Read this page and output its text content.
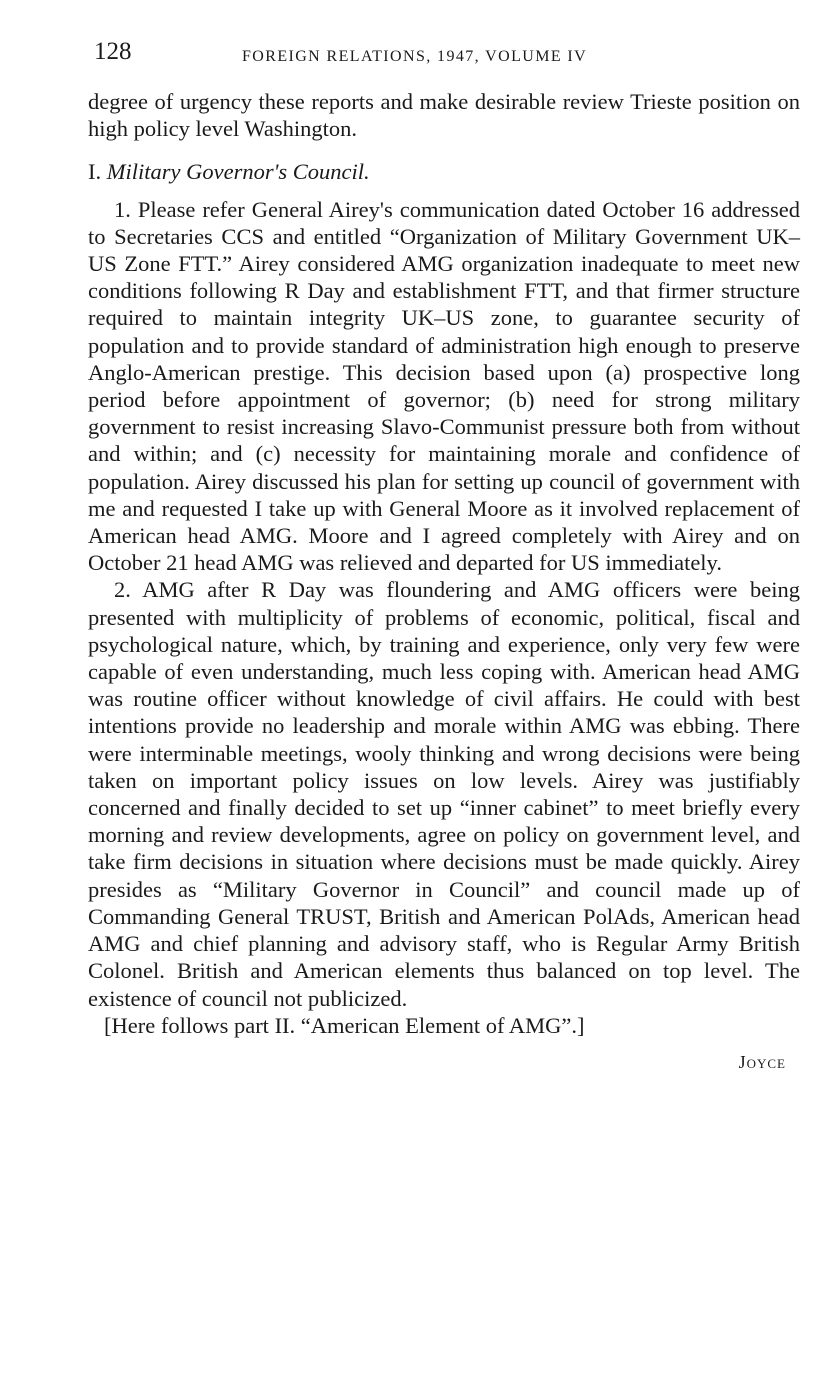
128	FOREIGN RELATIONS, 1947, VOLUME IV

degree of urgency these reports and make desirable review Trieste position on high policy level Washington.

I. Military Governor's Council.

1. Please refer General Airey's communication dated October 16 addressed to Secretaries CCS and entitled “Organization of Military Government UK–US Zone FTT.” Airey considered AMG organization inadequate to meet new conditions following R Day and establishment FTT, and that firmer structure required to maintain integrity UK–US zone, to guarantee security of population and to provide standard of administration high enough to preserve Anglo-American prestige. This decision based upon (a) prospective long period before appointment of governor; (b) need for strong military government to resist increasing Slavo-Communist pressure both from without and within; and (c) necessity for maintaining morale and confidence of population. Airey discussed his plan for setting up council of government with me and requested I take up with General Moore as it involved replacement of American head AMG. Moore and I agreed completely with Airey and on October 21 head AMG was relieved and departed for US immediately.

2. AMG after R Day was floundering and AMG officers were being presented with multiplicity of problems of economic, political, fiscal and psychological nature, which, by training and experience, only very few were capable of even understanding, much less coping with. American head AMG was routine officer without knowledge of civil affairs. He could with best intentions provide no leadership and morale within AMG was ebbing. There were interminable meetings, wooly thinking and wrong decisions were being taken on important policy issues on low levels. Airey was justifiably concerned and finally decided to set up “inner cabinet” to meet briefly every morning and review developments, agree on policy on government level, and take firm decisions in situation where decisions must be made quickly. Airey presides as “Military Governor in Council” and council made up of Commanding General TRUST, British and American PolAds, American head AMG and chief planning and advisory staff, who is Regular Army British Colonel. British and American elements thus balanced on top level. The existence of council not publicized.

[Here follows part II. “American Element of AMG”.]

Joyce
